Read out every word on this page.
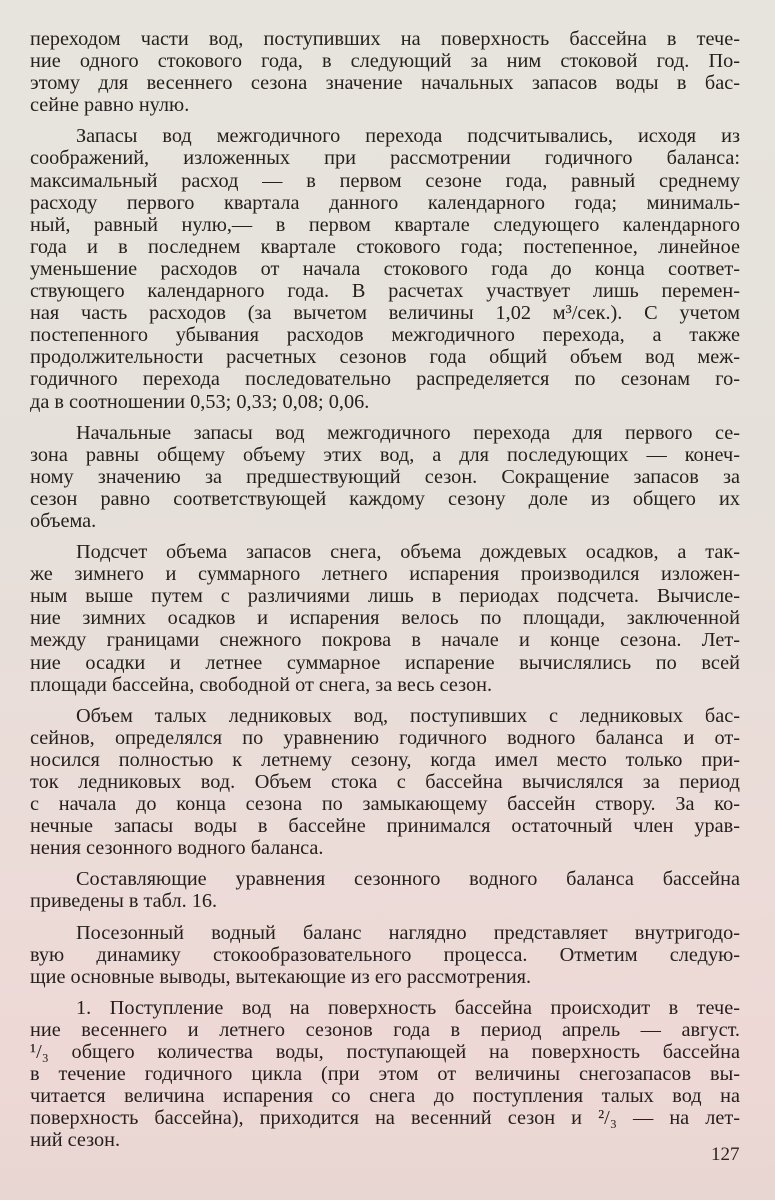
переходом части вод, поступивших на поверхность бассейна в тече-
ние одного стокового года, в следующий за ним стоковой год. По-
этому для весеннего сезона значение начальных запасов воды в бас-
сейне равно нулю.
Запасы вод межгодичного перехода подсчитывались, исходя из
соображений, изложенных при рассмотрении годичного баланса:
максимальный расход — в первом сезоне года, равный среднему
расходу первого квартала данного календарного года; минималь-
ный, равный нулю,— в первом квартале следующего календарного
года и в последнем квартале стокового года; постепенное, линейное
уменьшение расходов от начала стокового года до конца соответ-
ствующего календарного года. В расчетах участвует лишь перемен-
ная часть расходов (за вычетом величины 1,02 м³/сек.). С учетом
постепенного убывания расходов межгодичного перехода, а также
продолжительности расчетных сезонов года общий объем вод меж-
годичного перехода последовательно распределяется по сезонам го-
да в соотношении 0,53; 0,33; 0,08; 0,06.
Начальные запасы вод межгодичного перехода для первого се-
зона равны общему объему этих вод, а для последующих — конеч-
ному значению за предшествующий сезон. Сокращение запасов за
сезон равно соответствующей каждому сезону доле из общего их
объема.
Подсчет объема запасов снега, объема дождевых осадков, а так-
же зимнего и суммарного летнего испарения производился изложен-
ным выше путем с различиями лишь в периодах подсчета. Вычисле-
ние зимних осадков и испарения велось по площади, заключенной
между границами снежного покрова в начале и конце сезона. Лет-
ние осадки и летнее суммарное испарение вычислялись по всей
площади бассейна, свободной от снега, за весь сезон.
Объем талых ледниковых вод, поступивших с ледниковых бас-
сейнов, определялся по уравнению годичного водного баланса и от-
носился полностью к летнему сезону, когда имел место только при-
ток ледниковых вод. Объем стока с бассейна вычислялся за период
с начала до конца сезона по замыкающему бассейн створу. За ко-
нечные запасы воды в бассейне принимался остаточный член урав-
нения сезонного водного баланса.
Составляющие уравнения сезонного водного баланса бассейна
приведены в табл. 16.
Посезонный водный баланс наглядно представляет внутригодо-
вую динамику стокообразовательного процесса. Отметим следую-
щие основные выводы, вытекающие из его рассмотрения.
1. Поступление вод на поверхность бассейна происходит в тече-
ние весеннего и летнего сезонов года в период апрель — август.
¹/₃ общего количества воды, поступающей на поверхность бассейна
в течение годичного цикла (при этом от величины снегозапасов вы-
читается величина испарения со снега до поступления талых вод на
поверхность бассейна), приходится на весенний сезон и ²/₃ — на лет-
ний сезон.
127
